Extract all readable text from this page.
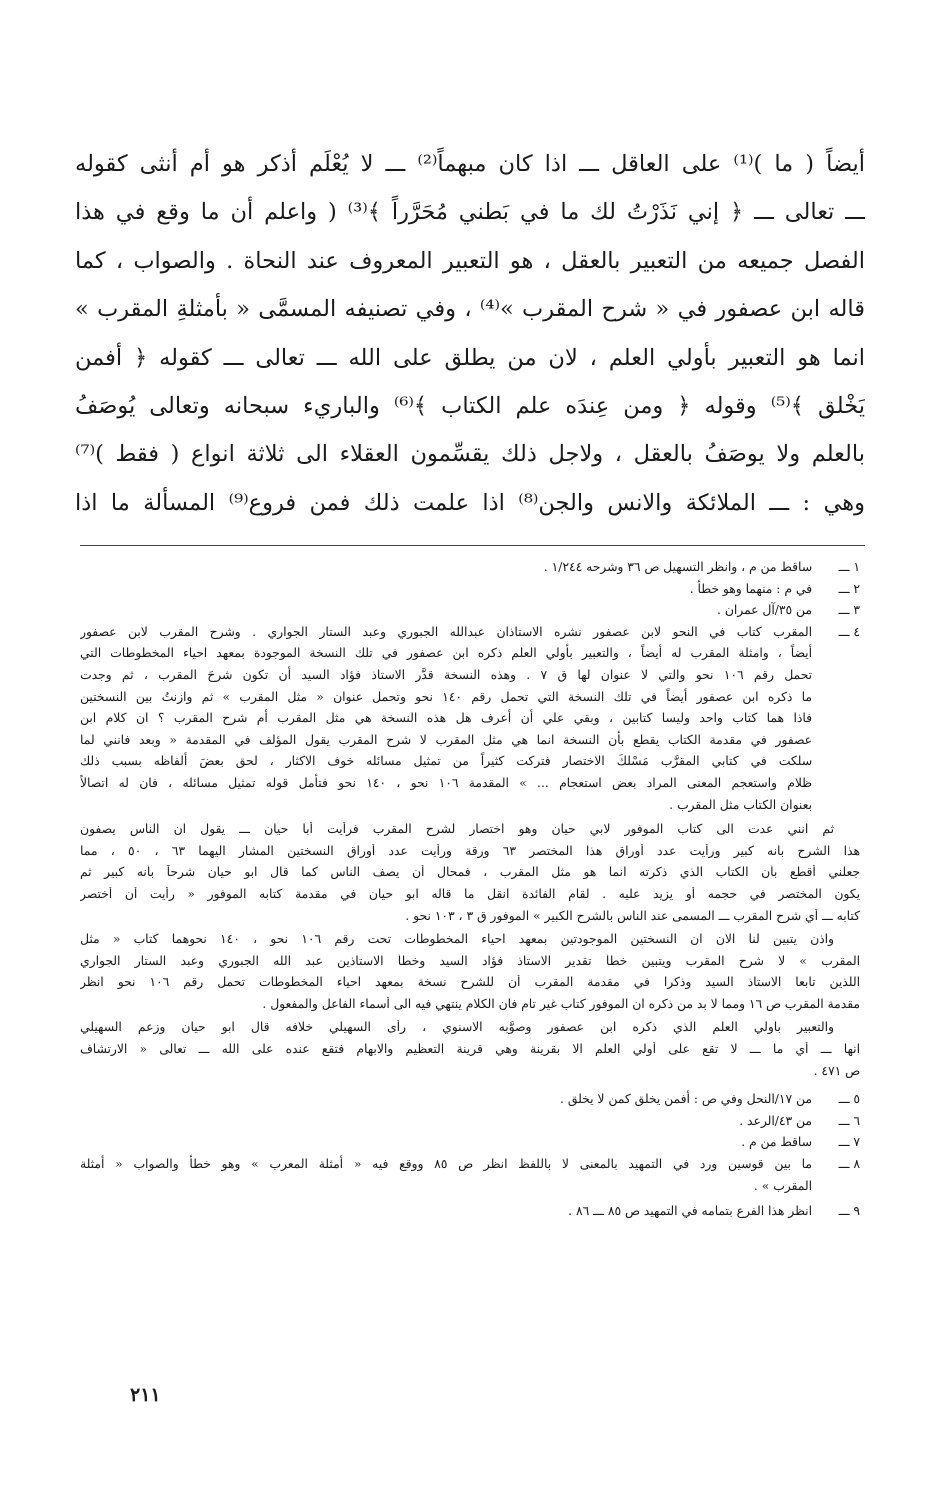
أيضاً ( ما )⁽¹⁾ على العاقل ـــ اذا كان مبهماً⁽²⁾ ـــ لا يُعْلَم أذكر هو أم أنثى كقوله
ـــ تعالى ـــ ﴿ إني نَذَرْتُ لك ما في بَطني مُحَرَّراً ﴾⁽³⁾ ( واعلم أن ما وقع في هذا
الفصل جميعه من التعبير بالعقل ، هو التعبير المعروف عند النحاة . والصواب ، كما
قاله ابن عصفور في « شرح المقرب »⁽⁴⁾ ، وفي تصنيفه المسمَّى « بأمثلةِ المقرب »
انما هو التعبير بأولي العلم ، لان من يطلق على الله ـــ تعالى ـــ كقوله ﴿ أفمن
يَخْلق ﴾⁽⁵⁾ وقوله ﴿ ومن عِندَه علم الكتاب ﴾⁽⁶⁾ والباريء سبحانه وتعالى يُوصَفُ
بالعلم ولا يوصَفُ بالعقل ، ولاجل ذلك يقسِّمون العقلاء الى ثلاثة انواع ( فقط )⁽⁷⁾
وهي : ـــ الملائكة والانس والجن⁽⁸⁾ اذا علمت ذلك فمن فروع⁽⁹⁾ المسألة ما اذا
١ ـــ
ساقط من م ، وانظر التسهيل ص ٣٦ وشرحه ١/٢٤٤ .
٢ ـــ
في م : منهما وهو خطأ .
٣ ـــ
من ٣٥/آل عمران .
٤ ـــ
المقرب كتاب في النحو لابن عصفور نشره الاستاذان عبدالله الجبوري وعبد الستار الجواري . وشرح المقرب لابن عصفور
أيضاً ، وامثلة المقرب له أيضاً ، والتعبير بأولي العلم ذكره ابن عصفور في تلك النسخة الموجودة بمعهد احياء المخطوطات التي
تحمل رقم ١٠٦ نحو والتي لا عنوان لها ق ٧ . وهذه النسخة قدَّر الاستاذ فؤاد السيد أن تكون شرحَ المقرب ، ثم وجدت
ما ذكره ابن عصفور أيضاً في تلك النسخة التي تحمل رقم ١٤٠ نحو وتحمل عنوان « مثل المقرب » ثم وازنتُ بين النسختين
فاذا هما كتاب واحد وليسا كتابين ، وبقي علي أن أعرف هل هذه النسخة هي مثل المقرب أم شرح المقرب ؟ ان كلام ابن
عصفور في مقدمة الكتاب يقطع بأن النسخة انما هي مثل المقرب لا شرح المقرب يقول المؤلف في المقدمة « وبعد فانني لما
سلكت في كتابي المقرَّب مَسْلكَ الاختصار فتركت كثيراً من تمثيل مسائله خوف الاكثار ، لحق بعضَ ألفاظه بسبب ذلك
ظلام واستعجم المعنى المراد بعض استعجام ... » المقدمة ١٠٦ نحو ، ١٤٠ نحو فتأمل قوله تمثيل مسائله ، فان له اتصالاً
بعنوان الكتاب مثل المقرب .
ثم انني عدت الى كتاب الموفور لابي حيان وهو اختصار لشرح المقرب فرأيت أبا حيان ـــ يقول ان الناس يصفون
هذا الشرح بأنه كبير ورأيت عدد أوراق هذا المختصر ٦٣ ورقة ورأيت عدد أوراق النسختين المشار اليهما ٦٣ ، ٥٠ ، مما
جعلني أقطع بأن الكتاب الذي ذكرته انما هو مثل المقرب ، فمحال أن يصف الناس كما قال ابو حيان شرحاً بأنه كبير ثم
يكون المختصر في حجمه أو يزيد عليه . لقام الفائدة انقل ما قاله ابو حيان في مقدمة كتابه الموفور « رأيت أن أختصر
كتابه ـــ أي شرح المقرب ـــ المسمى عند الناس بالشرح الكبير » الموفور ق ٣ ، ١٠٣ نحو .
واذن يتبين لنا الان ان النسختين الموجودتين بمعهد احياء المخطوطات تحت رقم ١٠٦ نحو ، ١٤٠ نحوهما كتاب « مثل
المقرب » لا شرح المقرب ويتبين خطأ تقدير الاستاذ فؤاد السيد وخطأ الاستاذين عبد الله الجبوري وعبد الستار الجواري
اللذين تابعا الاستاذ السيد وذكرا في مقدمة المقرب أن للشرح نسخة بمعهد احياء المخطوطات تحمل رقم ١٠٦ نحو انظر
مقدمة المقرب ص ١٦ ومما لا بد من ذكره ان الموفور كتاب غير تام فان الكلام ينتهي فيه الى أسماء الفاعل والمفعول .
والتعبير بأولي العلم الذي ذكره ابن عصفور وصوَّبه الاسنوي ، رأى السهيلي خلافه قال ابو حيان وزعم السهيلي
انها ـــ أي ما ـــ لا تقع على أولي العلم الا بقرينة وهي قرينة التعظيم والابهام فتقع عنده على الله ـــ تعالى « الارتشاف
ص ٤٧١ .
٥ ـــ
من ١٧/النحل وفي ص : أفمن يخلق كمن لا يخلق .
٦ ـــ
من ٤٣/الرعد .
٧ ـــ
ساقط من م .
٨ ـــ
ما بين قوسين ورد في التمهيد بالمعنى لا باللفظ انظر ص ٨٥ ووقع فيه « أمثلة المعرب » وهو خطأ والصواب « أمثلة
المقرب » .
٩ ـــ
انظر هذا الفرع بتمامه في التمهيد ص ٨٥ ـــ ٨٦ .
٢١١
